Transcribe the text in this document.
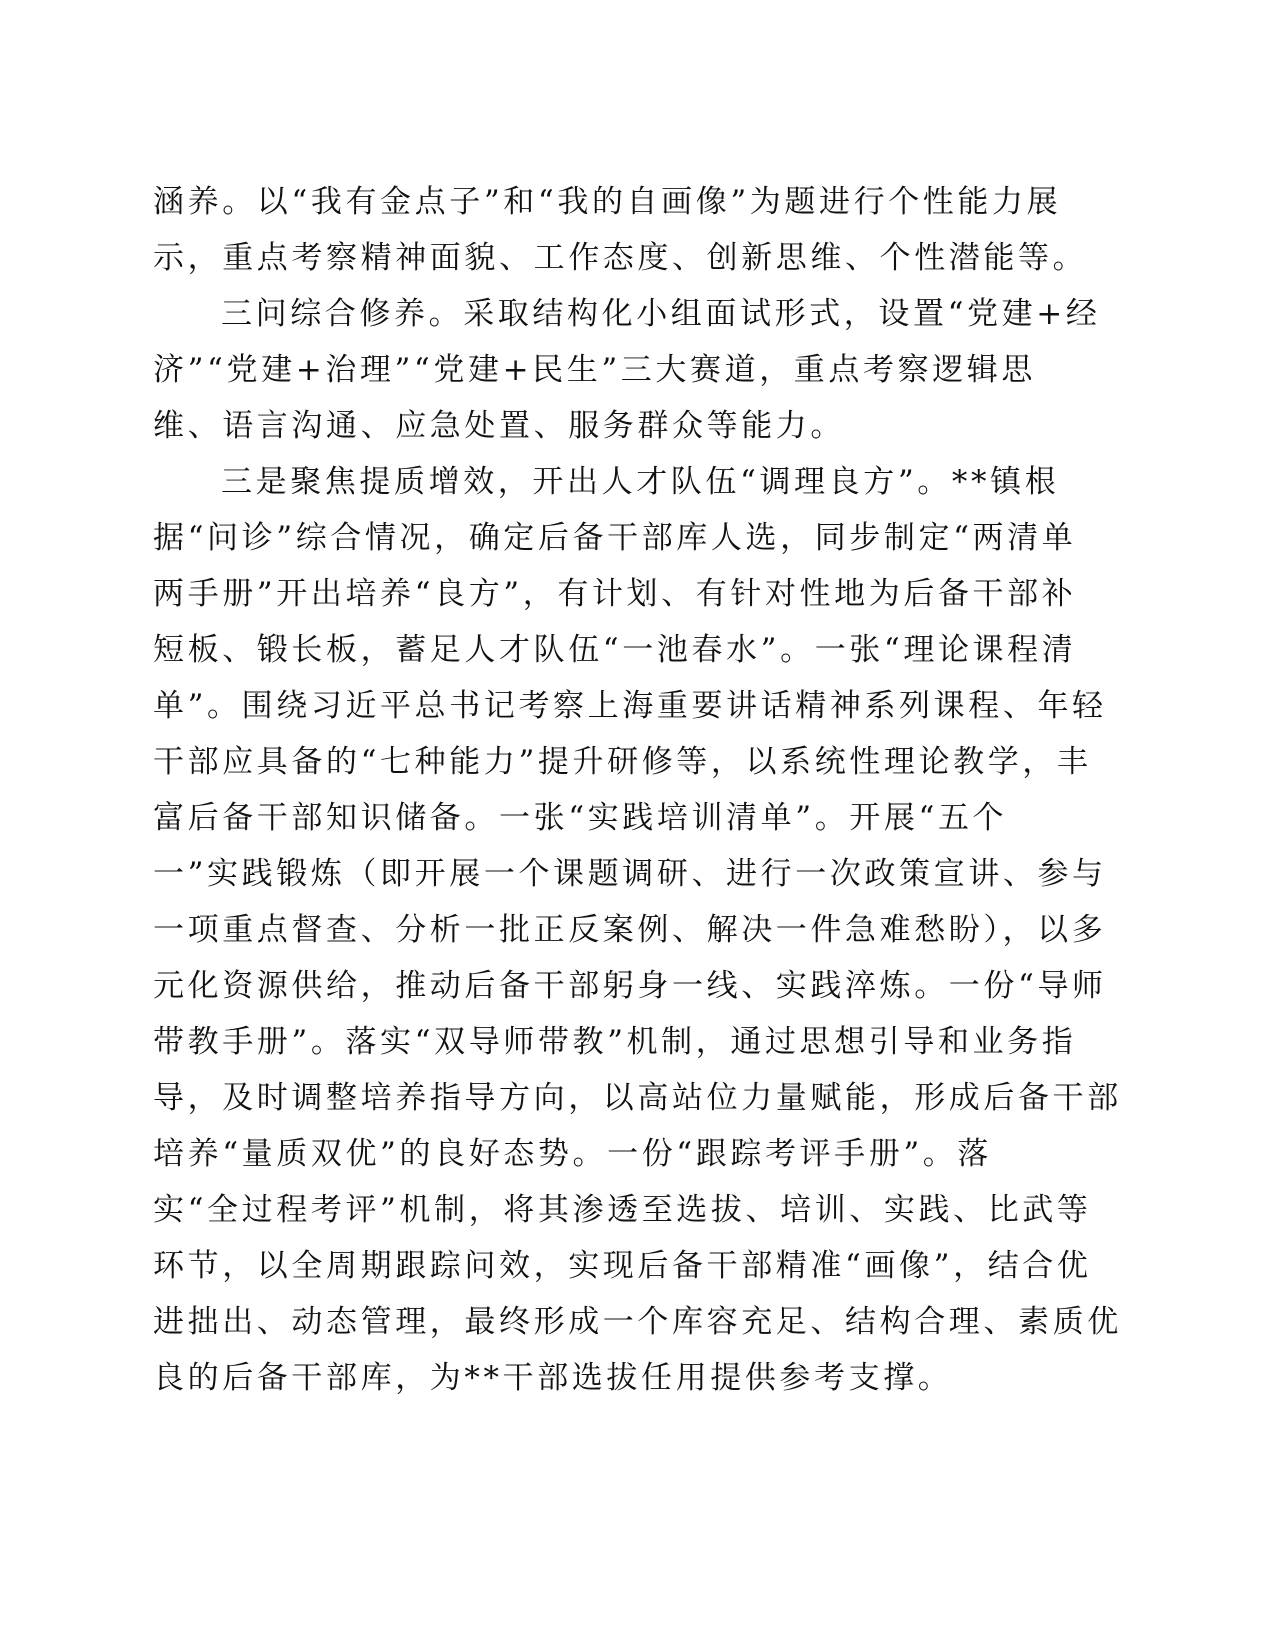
涵养。以“我有金点子”和“我的自画像”为题进行个性能力展
示，重点考察精神面貌、工作态度、创新思维、个性潜能等。
三问综合修养。采取结构化小组面试形式，设置“党建+经
济”“党建+治理”“党建+民生”三大赛道，重点考察逻辑思
维、语言沟通、应急处置、服务群众等能力。
三是聚焦提质增效，开出人才队伍“调理良方”。**镇根
据“问诊”综合情况，确定后备干部库人选，同步制定“两清单
两手册”开出培养“良方”，有计划、有针对性地为后备干部补
短板、锻长板，蓄足人才队伍“一池春水”。一张“理论课程清
单”。围绕习近平总书记考察上海重要讲话精神系列课程、年轻
干部应具备的“七种能力”提升研修等，以系统性理论教学，丰
富后备干部知识储备。一张“实践培训清单”。开展“五个
一”实践锻炼（即开展一个课题调研、进行一次政策宣讲、参与
一项重点督查、分析一批正反案例、解决一件急难愁盼），以多
元化资源供给，推动后备干部躬身一线、实践淬炼。一份“导师
带教手册”。落实“双导师带教”机制，通过思想引导和业务指
导，及时调整培养指导方向，以高站位力量赋能，形成后备干部
培养“量质双优”的良好态势。一份“跟踪考评手册”。落
实“全过程考评”机制，将其渗透至选拔、培训、实践、比武等
环节，以全周期跟踪问效，实现后备干部精准“画像”，结合优
进拙出、动态管理，最终形成一个库容充足、结构合理、素质优
良的后备干部库，为**干部选拔任用提供参考支撑。
